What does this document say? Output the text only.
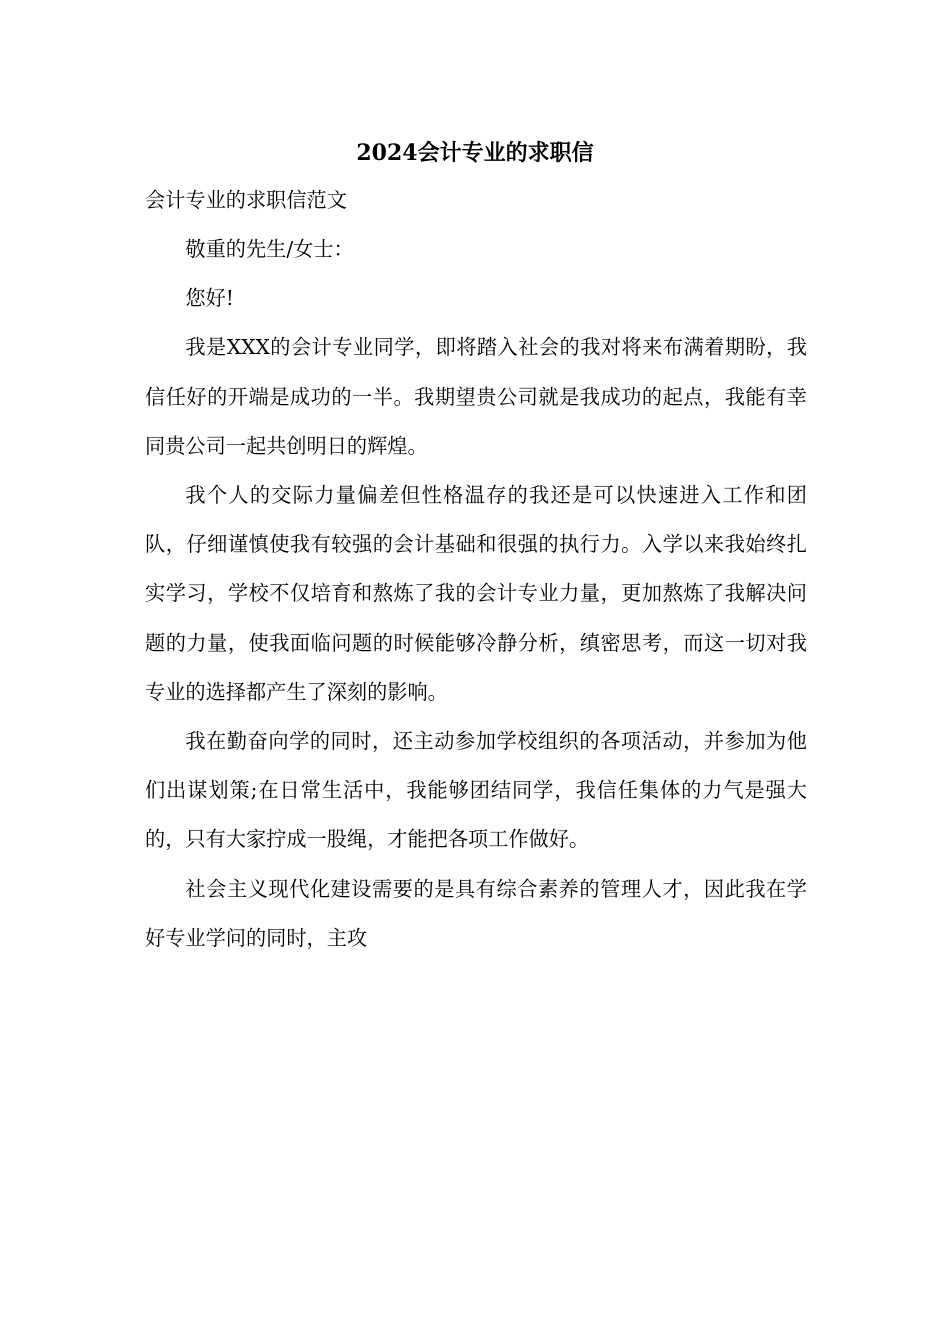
2024会计专业的求职信
会计专业的求职信范文

敬重的先生/女士：

您好!

我是XXX的会计专业同学，即将踏入社会的我对将来布满着期盼，我信任好的开端是成功的一半。我期望贵公司就是我成功的起点，我能有幸同贵公司一起共创明日的辉煌。

我个人的交际力量偏差但性格温存的我还是可以快速进入工作和团队，仔细谨慎使我有较强的会计基础和很强的执行力。入学以来我始终扎实学习，学校不仅培育和熬炼了我的会计专业力量，更加熬炼了我解决问题的力量，使我面临问题的时候能够冷静分析，缜密思考，而这一切对我专业的选择都产生了深刻的影响。

我在勤奋向学的同时，还主动参加学校组织的各项活动，并参加为他们出谋划策;在日常生活中，我能够团结同学，我信任集体的力气是强大的，只有大家拧成一股绳，才能把各项工作做好。

社会主义现代化建设需要的是具有综合素养的管理人才，因此我在学好专业学问的同时，主攻
